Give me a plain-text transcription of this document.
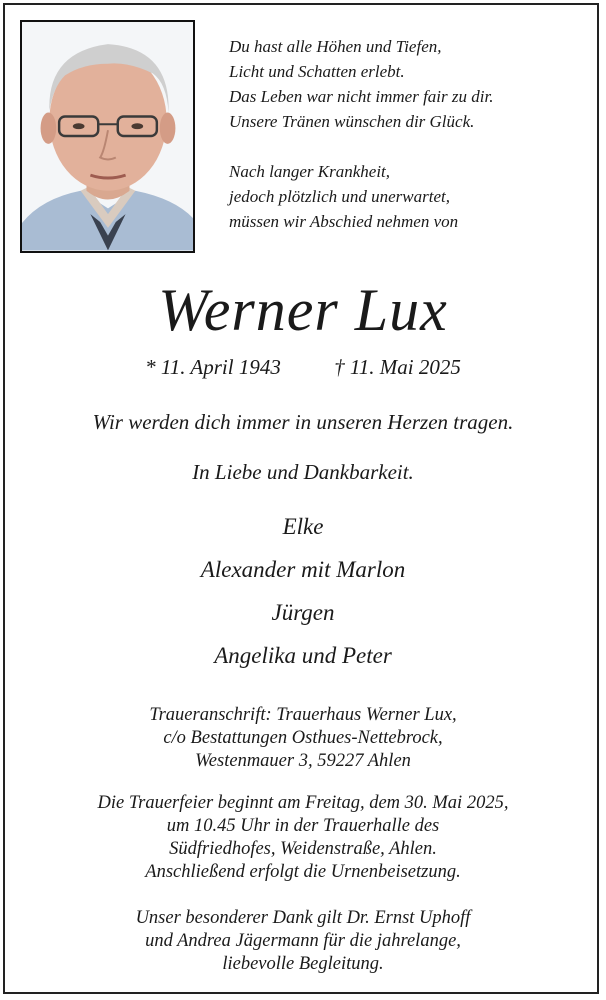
Du hast alle Höhen und Tiefen,

Licht und Schatten erlebt.

Das Leben war nicht immer fair zu dir.

Unsere Tränen wünschen dir Glück.

Nach langer Krankheit,

jedoch plötzlich und unerwartet,

müssen wir Abschied nehmen von

Werner Lux
* 11. April 1943	† 11. Mai 2025
Wir werden dich immer in unseren Herzen tragen.
In Liebe und Dankbarkeit.
Elke
Alexander mit Marlon
Jürgen
Angelika und Peter
Traueranschrift: Trauerhaus Werner Lux,
c/o Bestattungen Osthues-Nettebrock,
Westenmauer 3, 59227 Ahlen
Die Trauerfeier beginnt am Freitag, dem 30. Mai 2025,
um 10.45 Uhr in der Trauerhalle des
Südfriedhofes, Weidenstraße, Ahlen.
Anschließend erfolgt die Urnenbeisetzung.
Unser besonderer Dank gilt Dr. Ernst Uphoff
und Andrea Jägermann für die jahrelange,
liebevolle Begleitung.
